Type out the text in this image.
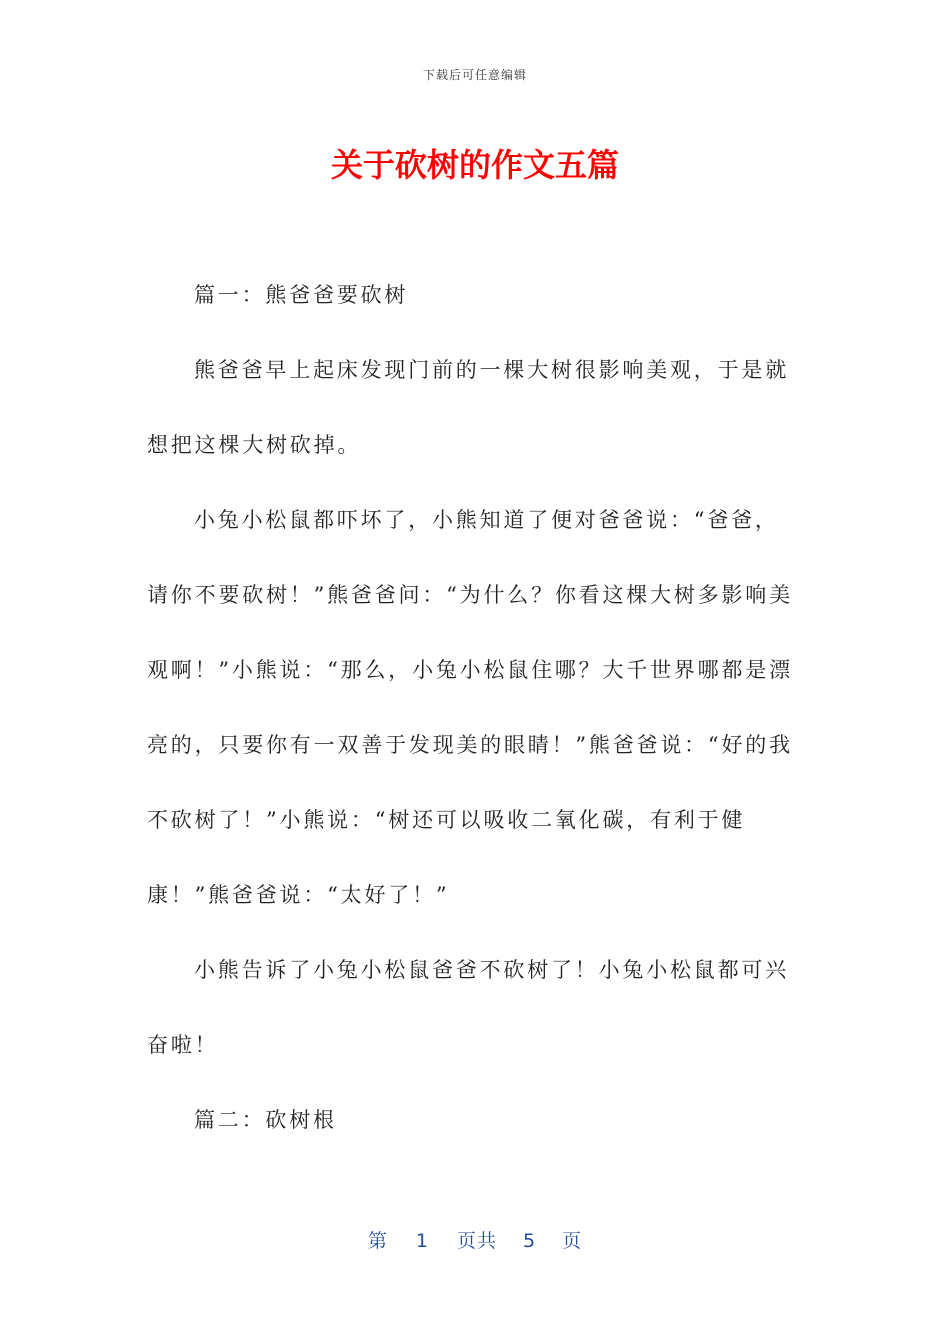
下载后可任意编辑
关于砍树的作文五篇

篇一：熊爸爸要砍树

熊爸爸早上起床发现门前的一棵大树很影响美观，于是就想把这棵大树砍掉。

小兔小松鼠都吓坏了，小熊知道了便对爸爸说：“爸爸，请你不要砍树！”熊爸爸问：“为什么？你看这棵大树多影响美观啊！”小熊说：“那么，小兔小松鼠住哪？大千世界哪都是漂亮的，只要你有一双善于发现美的眼睛！”熊爸爸说：“好的我不砍树了！”小熊说：“树还可以吸收二氧化碳，有利于健康！”熊爸爸说：“太好了！”

小熊告诉了小兔小松鼠爸爸不砍树了！小兔小松鼠都可兴奋啦！

篇二：砍树根

第 1 页共 5 页
